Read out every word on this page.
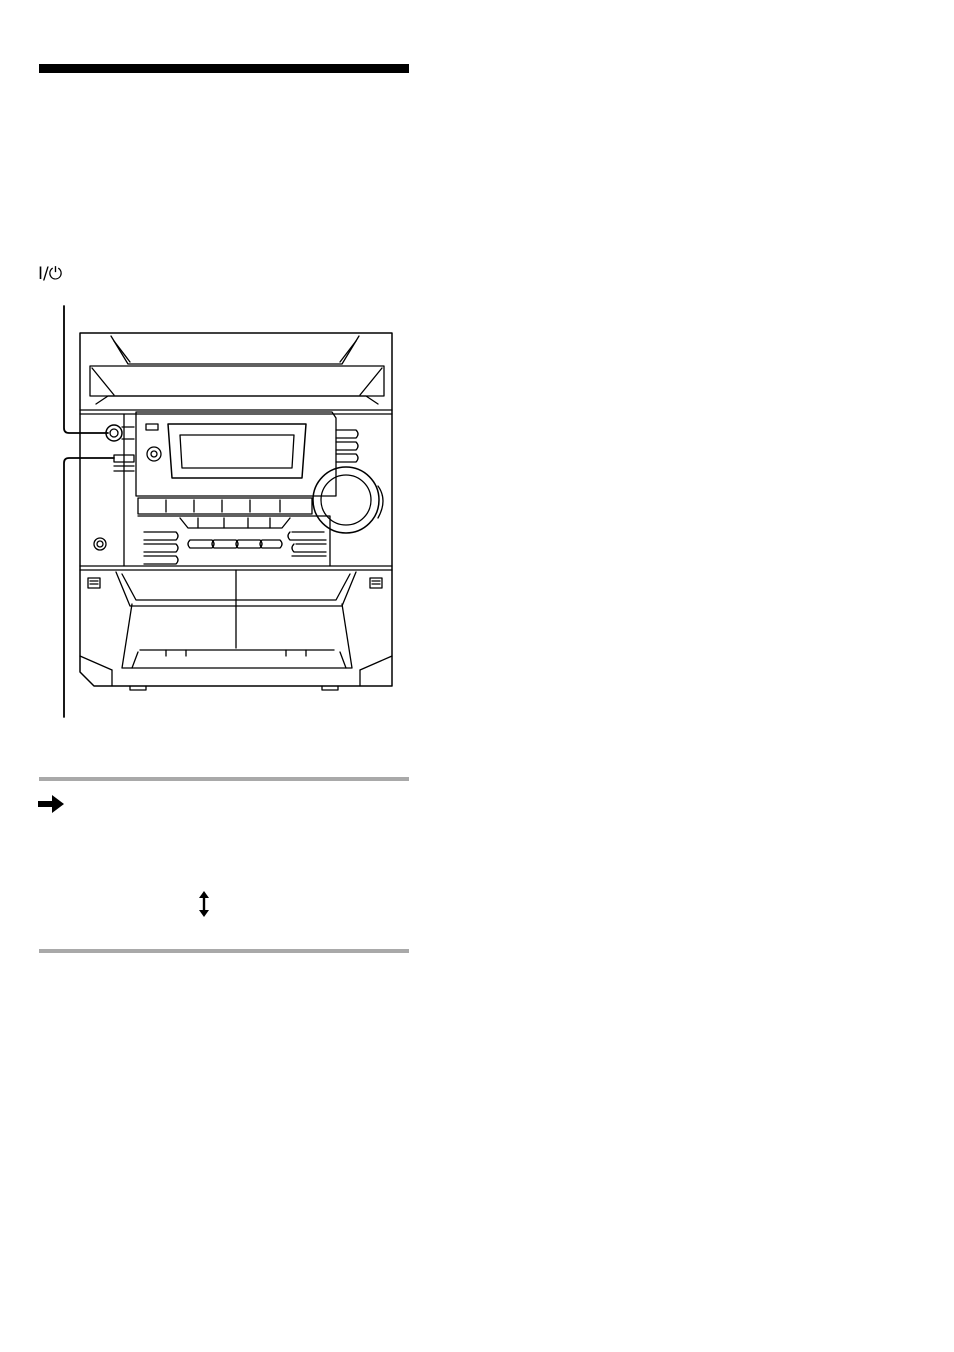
I/⏻
